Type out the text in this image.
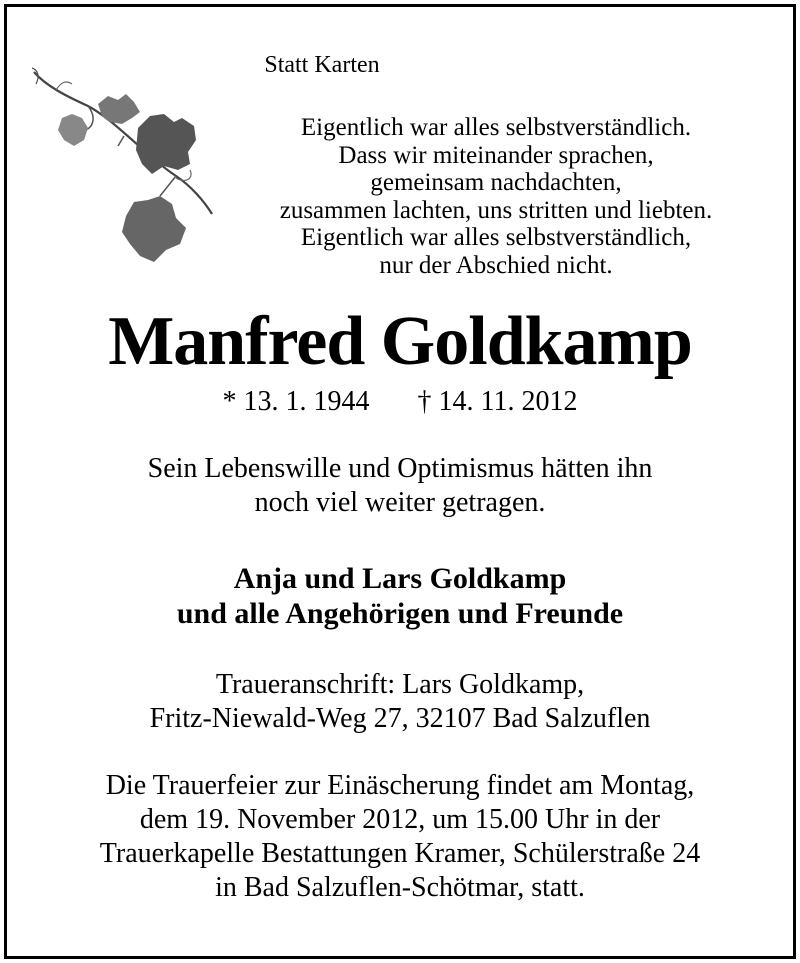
Statt Karten
Eigentlich war alles selbstverständlich.
Dass wir miteinander sprachen,
gemeinsam nachdachten,
zusammen lachten, uns stritten und liebten.
Eigentlich war alles selbstverständlich,
nur der Abschied nicht.
Manfred Goldkamp
* 13. 1. 1944 † 14. 11. 2012
Sein Lebenswille und Optimismus hätten ihn
noch viel weiter getragen.
Anja und Lars Goldkamp
und alle Angehörigen und Freunde
Traueranschrift: Lars Goldkamp,
Fritz-Niewald-Weg 27, 32107 Bad Salzuflen
Die Trauerfeier zur Einäscherung findet am Montag,
dem 19. November 2012, um 15.00 Uhr in der
Trauerkapelle Bestattungen Kramer, Schülerstraße 24
in Bad Salzuflen-Schötmar, statt.
